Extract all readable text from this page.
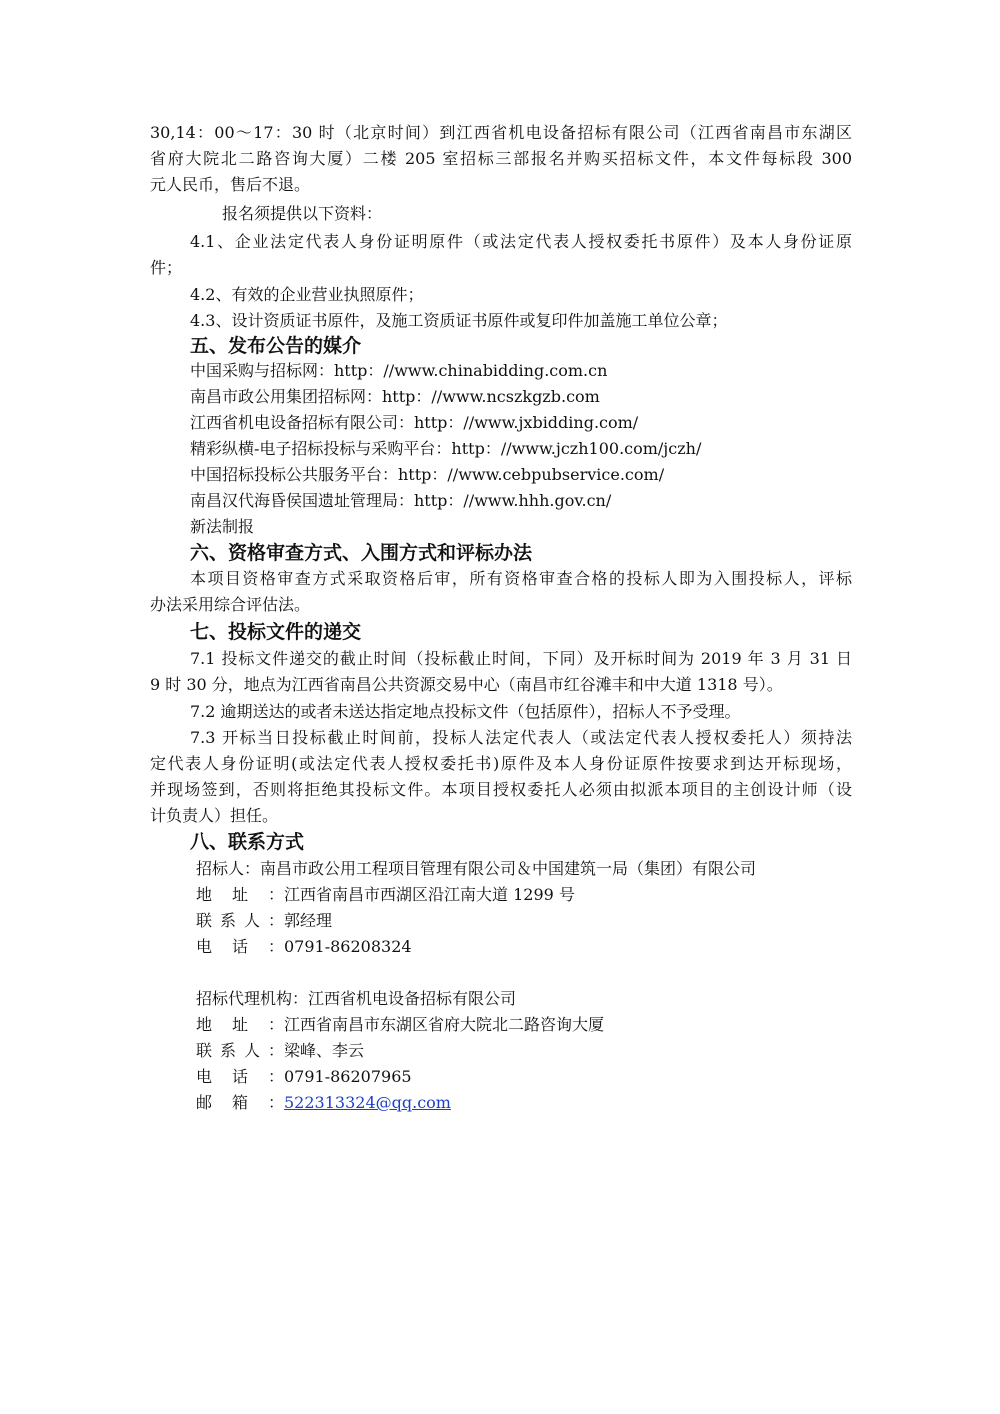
30,14：00～17：30 时（北京时间）到江西省机电设备招标有限公司（江西省南昌市东湖区
省府大院北二路咨询大厦）二楼 205 室招标三部报名并购买招标文件，本文件每标段 300
元人民币，售后不退。
报名须提供以下资料：
4.1、企业法定代表人身份证明原件（或法定代表人授权委托书原件）及本人身份证原
件；
4.2、有效的企业营业执照原件；
4.3、设计资质证书原件，及施工资质证书原件或复印件加盖施工单位公章；
五、发布公告的媒介
中国采购与招标网：http：//www.chinabidding.com.cn
南昌市政公用集团招标网：http：//www.ncszkgzb.com
江西省机电设备招标有限公司：http：//www.jxbidding.com/
精彩纵横-电子招标投标与采购平台：http：//www.jczh100.com/jczh/
中国招标投标公共服务平台：http：//www.cebpubservice.com/
南昌汉代海昏侯国遗址管理局：http：//www.hhh.gov.cn/
新法制报
六、资格审查方式、入围方式和评标办法
本项目资格审查方式采取资格后审，所有资格审查合格的投标人即为入围投标人，评标
办法采用综合评估法。
七、投标文件的递交
7.1 投标文件递交的截止时间（投标截止时间，下同）及开标时间为 2019 年 3 月 31 日
9 时 30 分，地点为江西省南昌公共资源交易中心（南昌市红谷滩丰和中大道 1318 号）。
7.2 逾期送达的或者未送达指定地点投标文件（包括原件），招标人不予受理。
7.3 开标当日投标截止时间前，投标人法定代表人（或法定代表人授权委托人）须持法
定代表人身份证明(或法定代表人授权委托书)原件及本人身份证原件按要求到达开标现场，
并现场签到，否则将拒绝其投标文件。本项目授权委托人必须由拟派本项目的主创设计师（设
计负责人）担任。
八、联系方式
招标人：南昌市政公用工程项目管理有限公司＆中国建筑一局（集团）有限公司
地址：江西省南昌市西湖区沿江南大道 1299 号
联系人：郭经理
电话：0791-86208324
招标代理机构：江西省机电设备招标有限公司
地址：江西省南昌市东湖区省府大院北二路咨询大厦
联系人：梁峰、李云
电话：0791-86207965
邮箱：522313324@qq.com
